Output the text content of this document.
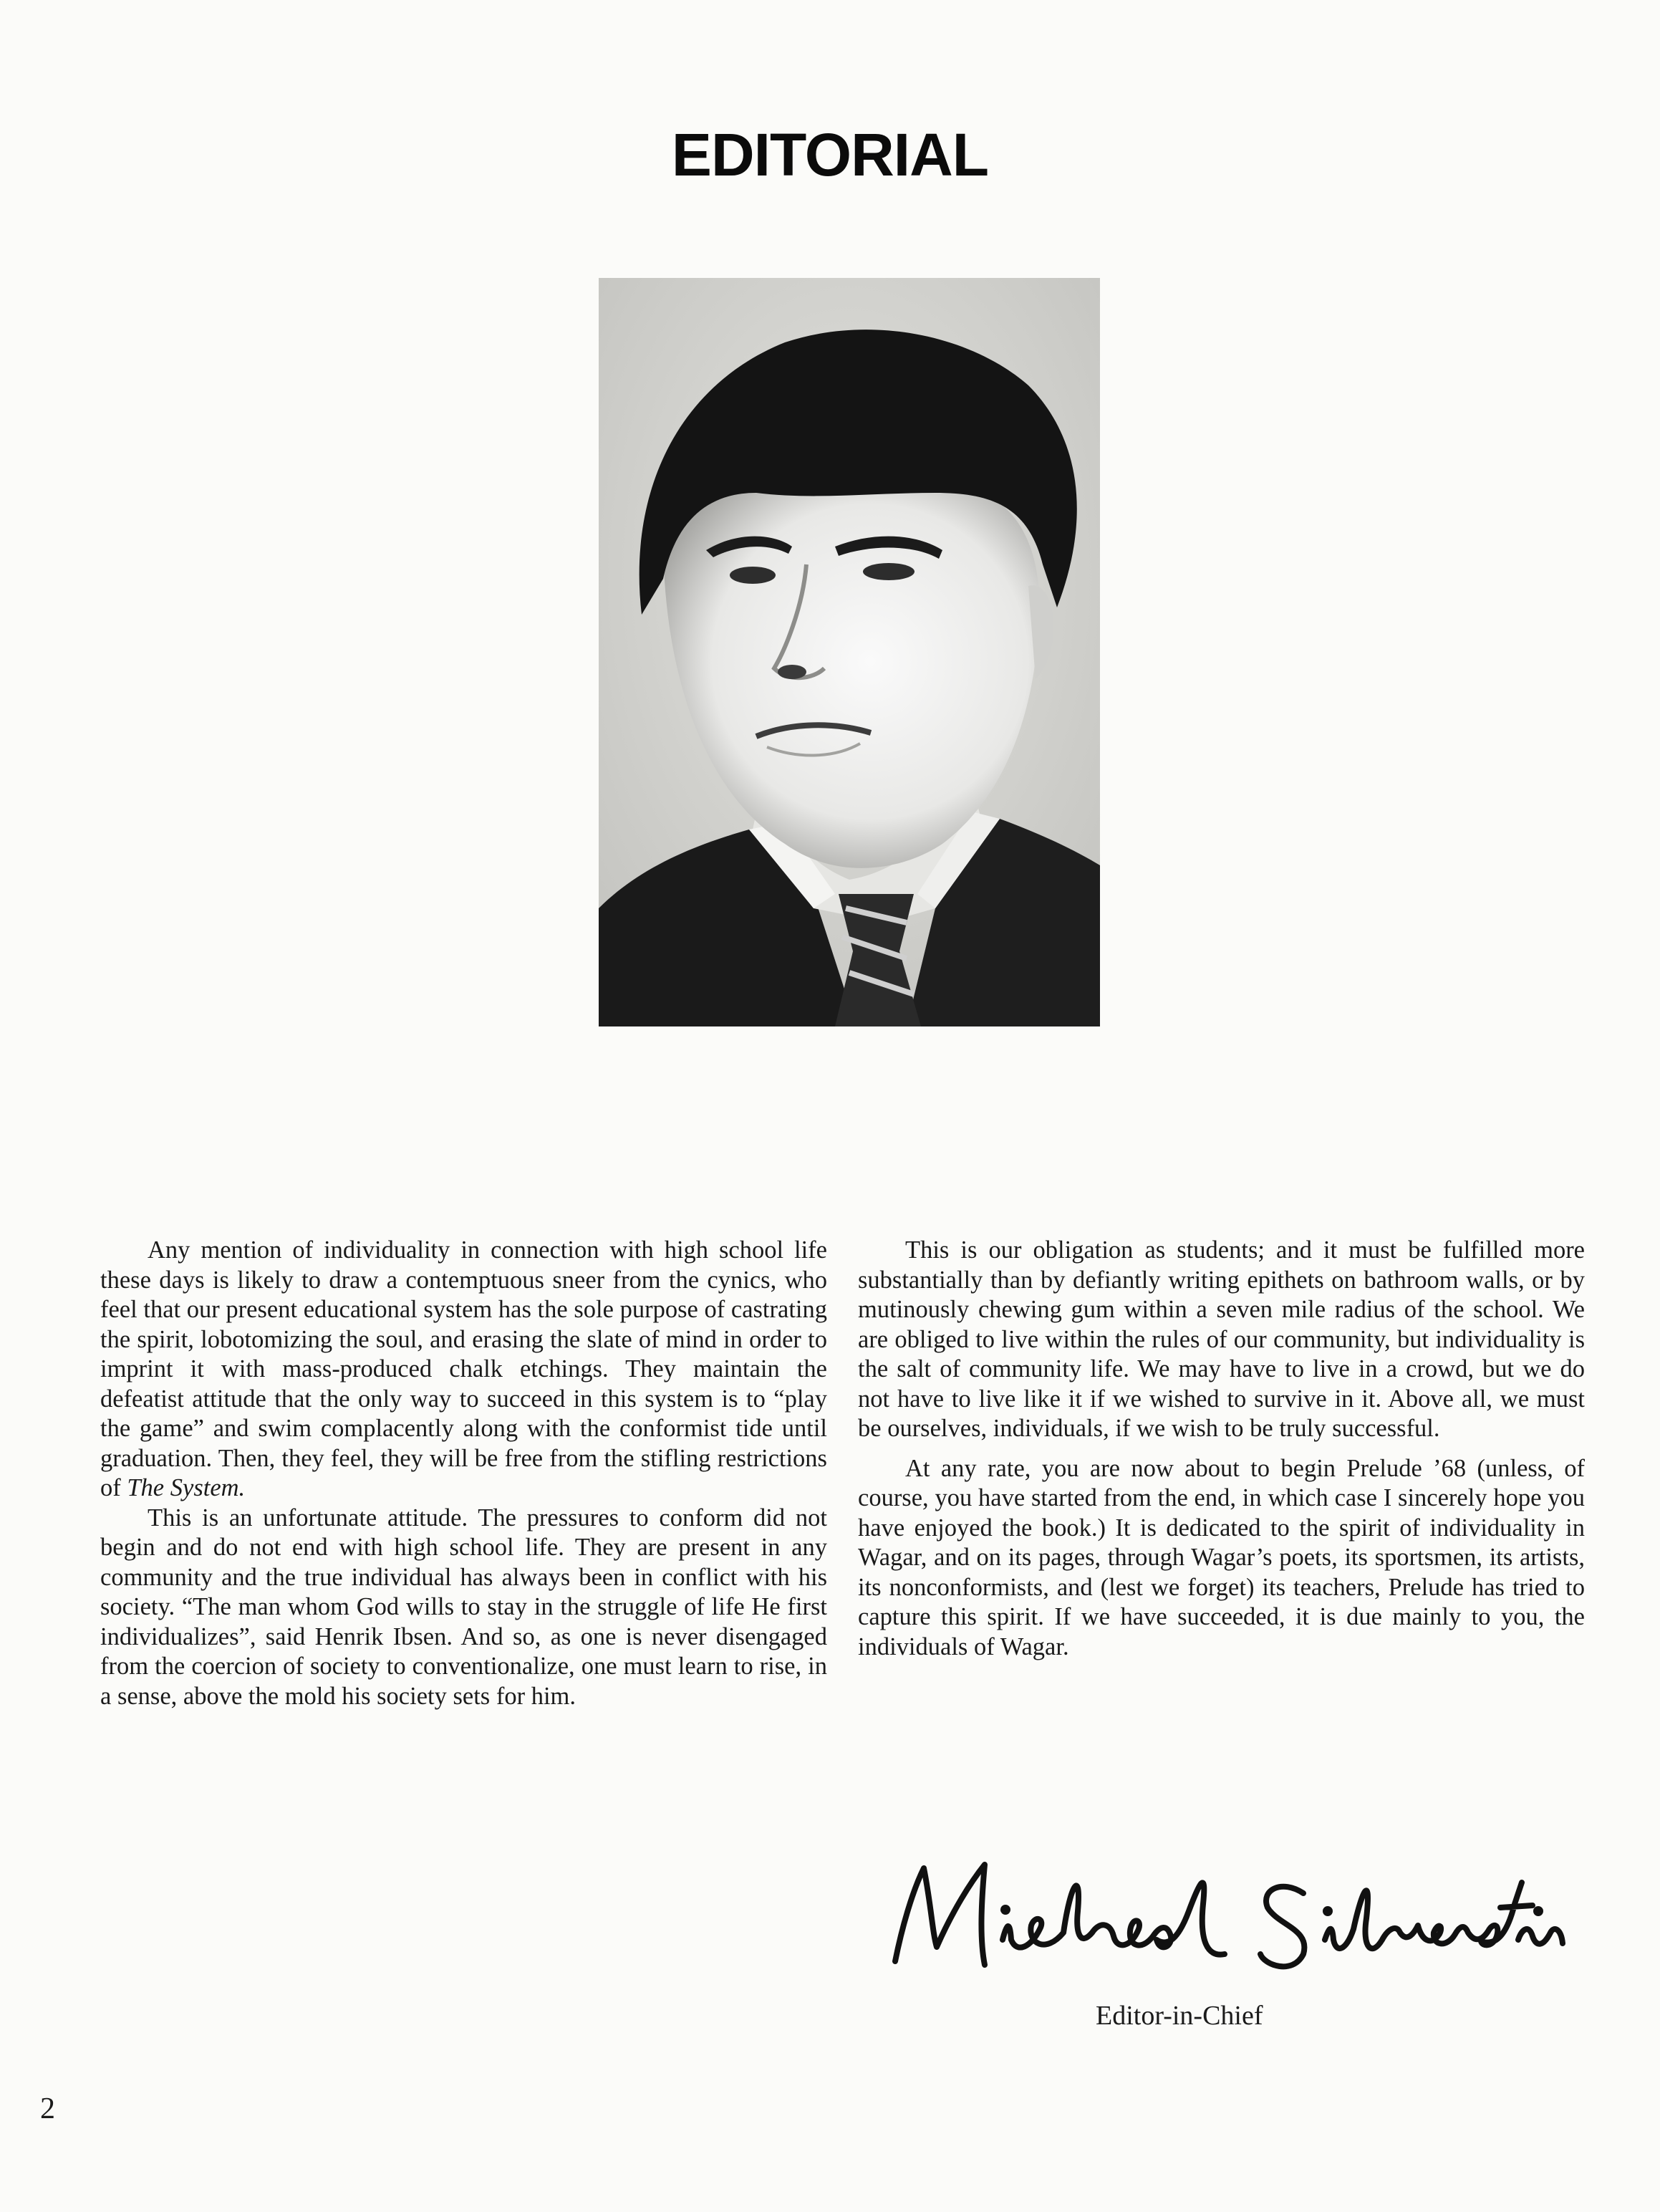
EDITORIAL

Any mention of individuality in connection with high school life these days is likely to draw a contemptuous sneer from the cynics, who feel that our present educational system has the sole purpose of castrating the spirit, lobotomizing the soul, and erasing the slate of mind in order to imprint it with mass-produced chalk etchings. They maintain the defeatist attitude that the only way to succeed in this system is to “play the game” and swim complacently along with the conformist tide until graduation. Then, they feel, they will be free from the stifling restrictions of The System.

This is an unfortunate attitude. The pressures to conform did not begin and do not end with high school life. They are present in any community and the true individual has always been in conflict with his society. “The man whom God wills to stay in the struggle of life He first individualizes”, said Henrik Ibsen. And so, as one is never disengaged from the coercion of society to conventionalize, one must learn to rise, in a sense, above the mold his society sets for him.

This is our obligation as students; and it must be fulfilled more substantially than by defiantly writing epithets on bathroom walls, or by mutinously chewing gum within a seven mile radius of the school. We are obliged to live within the rules of our community, but individuality is the salt of community life. We may have to live in a crowd, but we do not have to live like it if we wished to survive in it. Above all, we must be ourselves, individuals, if we wish to be truly successful.

At any rate, you are now about to begin Prelude ’68 (unless, of course, you have started from the end, in which case I sincerely hope you have enjoyed the book.) It is dedicated to the spirit of individuality in Wagar, and on its pages, through Wagar’s poets, its sportsmen, its artists, its nonconformists, and (lest we forget) its teachers, Prelude has tried to capture this spirit. If we have succeeded, it is due mainly to you, the individuals of Wagar.

Editor-in-Chief
2
